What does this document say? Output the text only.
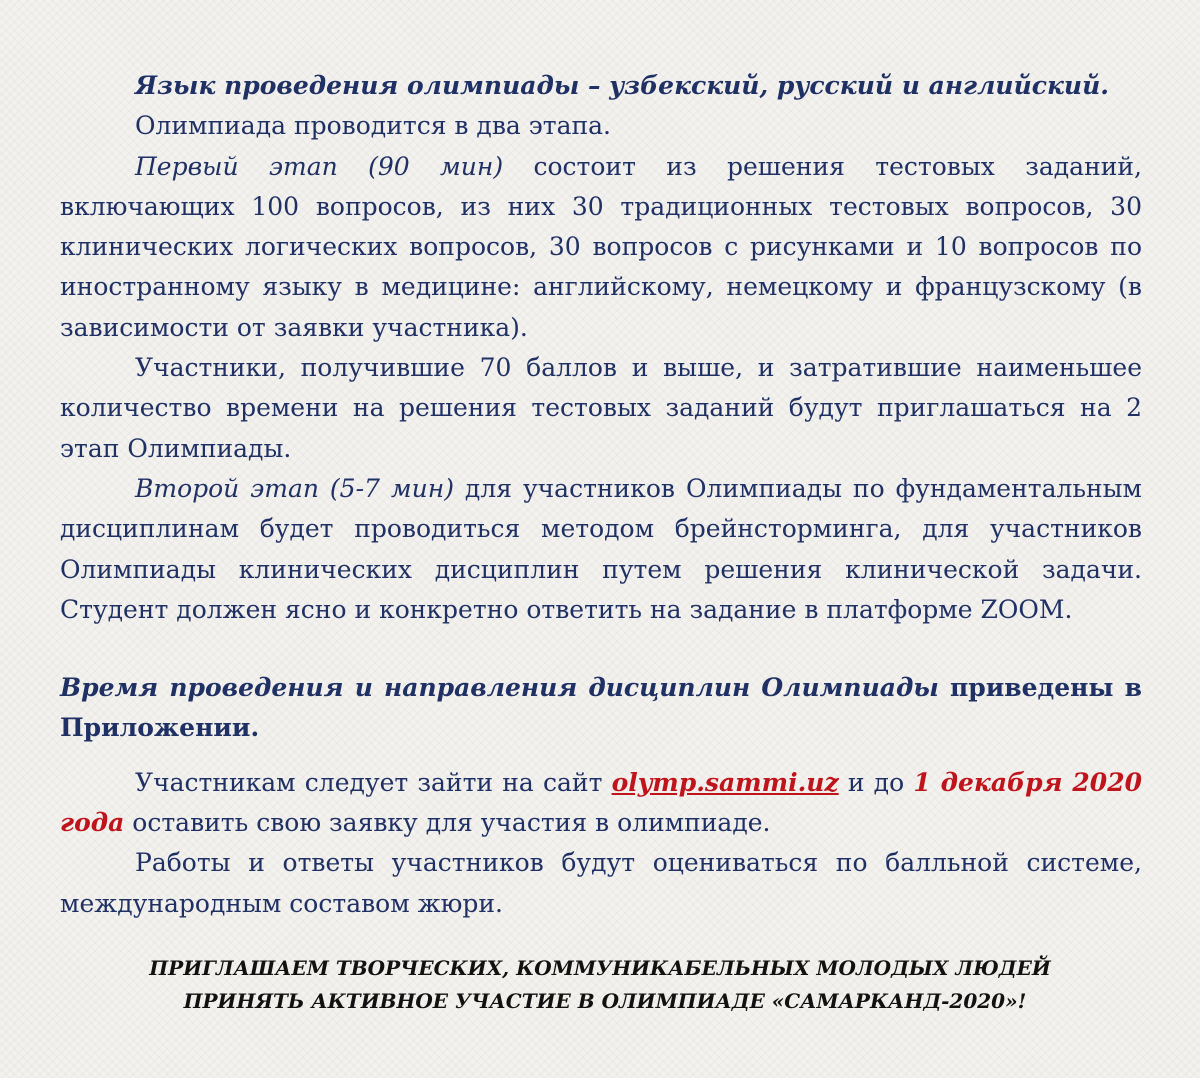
Язык проведения олимпиады – узбекский, русский и английский.

Олимпиада проводится в два этапа.

Первый этап (90 мин) состоит из решения тестовых заданий, включающих 100 вопросов, из них 30 традиционных тестовых вопросов, 30 клинических логических вопросов, 30 вопросов с рисунками и 10 вопросов по иностранному языку в медицине: английскому, немецкому и французскому (в зависимости от заявки участника).

Участники, получившие 70 баллов и выше, и затратившие наименьшее количество времени на решения тестовых заданий будут приглашаться на 2 этап Олимпиады.

Второй этап (5-7 мин) для участников Олимпиады по фундаментальным дисциплинам будет проводиться методом брейнсторминга, для участников Олимпиады клинических дисциплин путем решения клинической задачи. Студент должен ясно и конкретно ответить на задание в платформе ZOOM.

Время проведения и направления дисциплин Олимпиады приведены в Приложении.

Участникам следует зайти на сайт olymp.sammi.uz и до 1 декабря 2020 года оставить свою заявку для участия в олимпиаде.

Работы и ответы участников будут оцениваться по балльной системе, международным составом жюри.

ПРИГЛАШАЕМ ТВОРЧЕСКИХ, КОММУНИКАБЕЛЬНЫХ МОЛОДЫХ ЛЮДЕЙ
ПРИНЯТЬ АКТИВНОЕ УЧАСТИЕ В ОЛИМПИАДЕ «САМАРКАНД-2020»!
